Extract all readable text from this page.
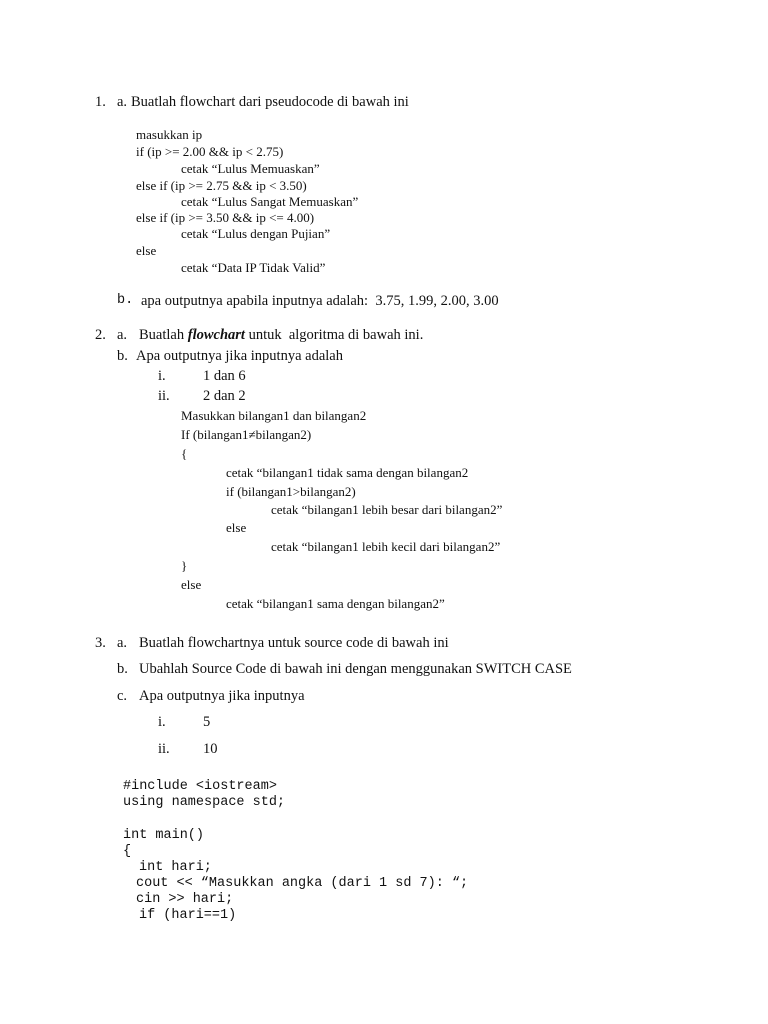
1. a. Buatlah flowchart dari pseudocode di bawah ini
masukkan ip
if (ip >= 2.00 && ip < 2.75)
cetak “Lulus Memuaskan”
else if (ip >= 2.75 && ip < 3.50)
cetak “Lulus Sangat Memuaskan”
else if (ip >= 3.50 && ip <= 4.00)
cetak “Lulus dengan Pujian”
else
cetak “Data IP Tidak Valid”
b. apa outputnya apabila inputnya adalah:  3.75, 1.99, 2.00, 3.00
2. a. Buatlah flowchart untuk  algoritma di bawah ini.
b. Apa outputnya jika inputnya adalah
i.	1 dan 6
ii. 2 dan 2
Masukkan bilangan1 dan bilangan2
If (bilangan1≠bilangan2)
{
cetak “bilangan1 tidak sama dengan bilangan2
if (bilangan1>bilangan2)
cetak “bilangan1 lebih besar dari bilangan2”
else
cetak “bilangan1 lebih kecil dari bilangan2”
}
else
cetak “bilangan1 sama dengan bilangan2”
3. a. Buatlah flowchartnya untuk source code di bawah ini
b. Ubahlah Source Code di bawah ini dengan menggunakan SWITCH CASE
c. Apa outputnya jika inputnya
i.	5
ii. 10
#include <iostream>
using namespace std;
int main()
{
int hari;
cout << “Masukkan angka (dari 1 sd 7): “;
cin >> hari;
if (hari==1)
